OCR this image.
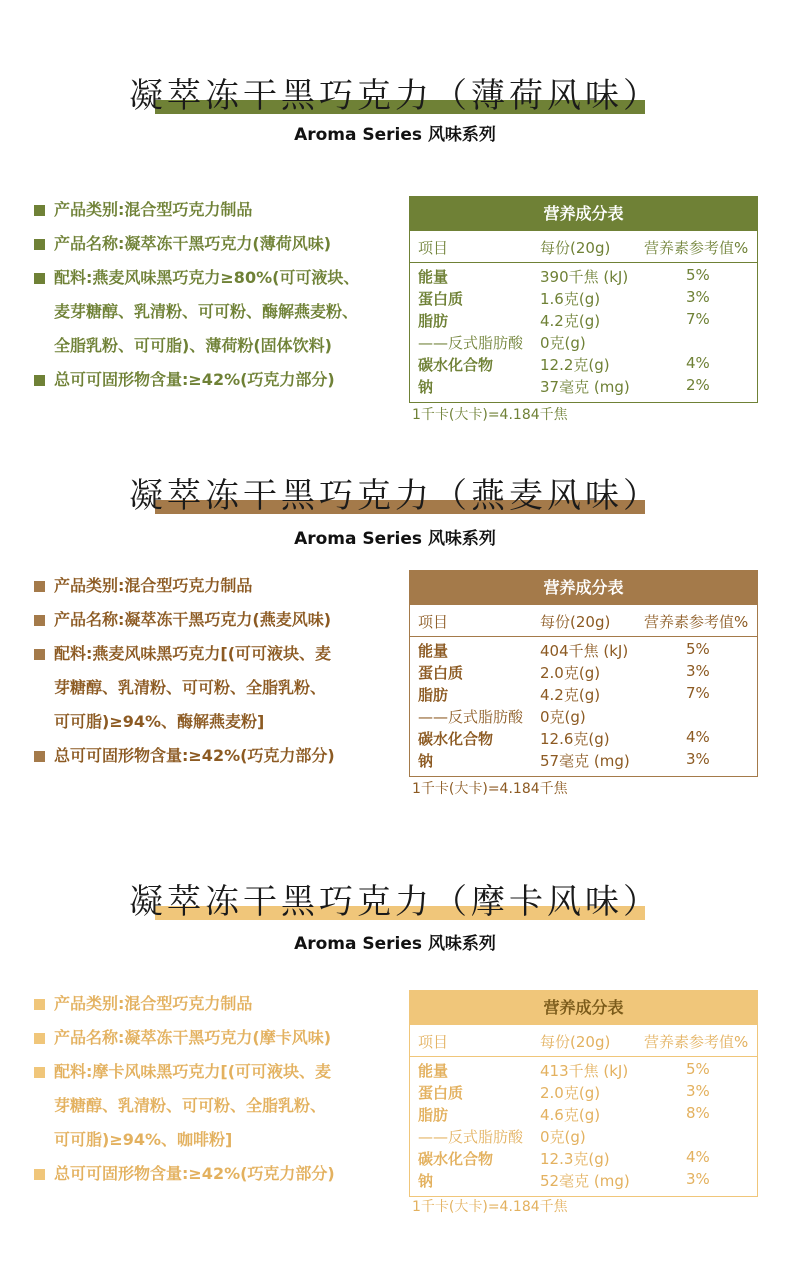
凝萃冻干黑巧克力（薄荷风味）
Aroma Series 风味系列
产品类别:混合型巧克力制品
产品名称:凝萃冻干黑巧克力(薄荷风味)
配料:燕麦风味黑巧克力≥80%(可可液块、
麦芽糖醇、乳清粉、可可粉、酶解燕麦粉、
全脂乳粉、可可脂)、薄荷粉(固体饮料)
总可可固形物含量:≥42%(巧克力部分)
营养成分表
项目	每份(20g) 营养素参考值%
能量	390千焦 (kJ)	5%
蛋白质	1.6克(g)	3%
脂肪	4.2克(g)	7%
——反式脂肪酸 0克(g)
碳水化合物	12.2克(g)	4%
钠	37毫克 (mg)	2%
1千卡(大卡)=4.184千焦
凝萃冻干黑巧克力（燕麦风味）
Aroma Series 风味系列
产品类别:混合型巧克力制品
产品名称:凝萃冻干黑巧克力(燕麦风味)
配料:燕麦风味黑巧克力[(可可液块、麦
芽糖醇、乳清粉、可可粉、全脂乳粉、
可可脂)≥94%、酶解燕麦粉]
总可可固形物含量:≥42%(巧克力部分)
营养成分表
项目	每份(20g) 营养素参考值%
能量	404千焦 (kJ)	5%
蛋白质	2.0克(g)	3%
脂肪	4.2克(g)	7%
——反式脂肪酸 0克(g)
碳水化合物	12.6克(g)	4%
钠	57毫克 (mg)	3%
1千卡(大卡)=4.184千焦
凝萃冻干黑巧克力（摩卡风味）
Aroma Series 风味系列
产品类别:混合型巧克力制品
产品名称:凝萃冻干黑巧克力(摩卡风味)
配料:摩卡风味黑巧克力[(可可液块、麦
芽糖醇、乳清粉、可可粉、全脂乳粉、
可可脂)≥94%、咖啡粉]
总可可固形物含量:≥42%(巧克力部分)
营养成分表
项目	每份(20g) 营养素参考值%
能量	413千焦 (kJ)	5%
蛋白质	2.0克(g)	3%
脂肪	4.6克(g)	8%
——反式脂肪酸 0克(g)
碳水化合物	12.3克(g)	4%
钠	52毫克 (mg)	3%
1千卡(大卡)=4.184千焦
